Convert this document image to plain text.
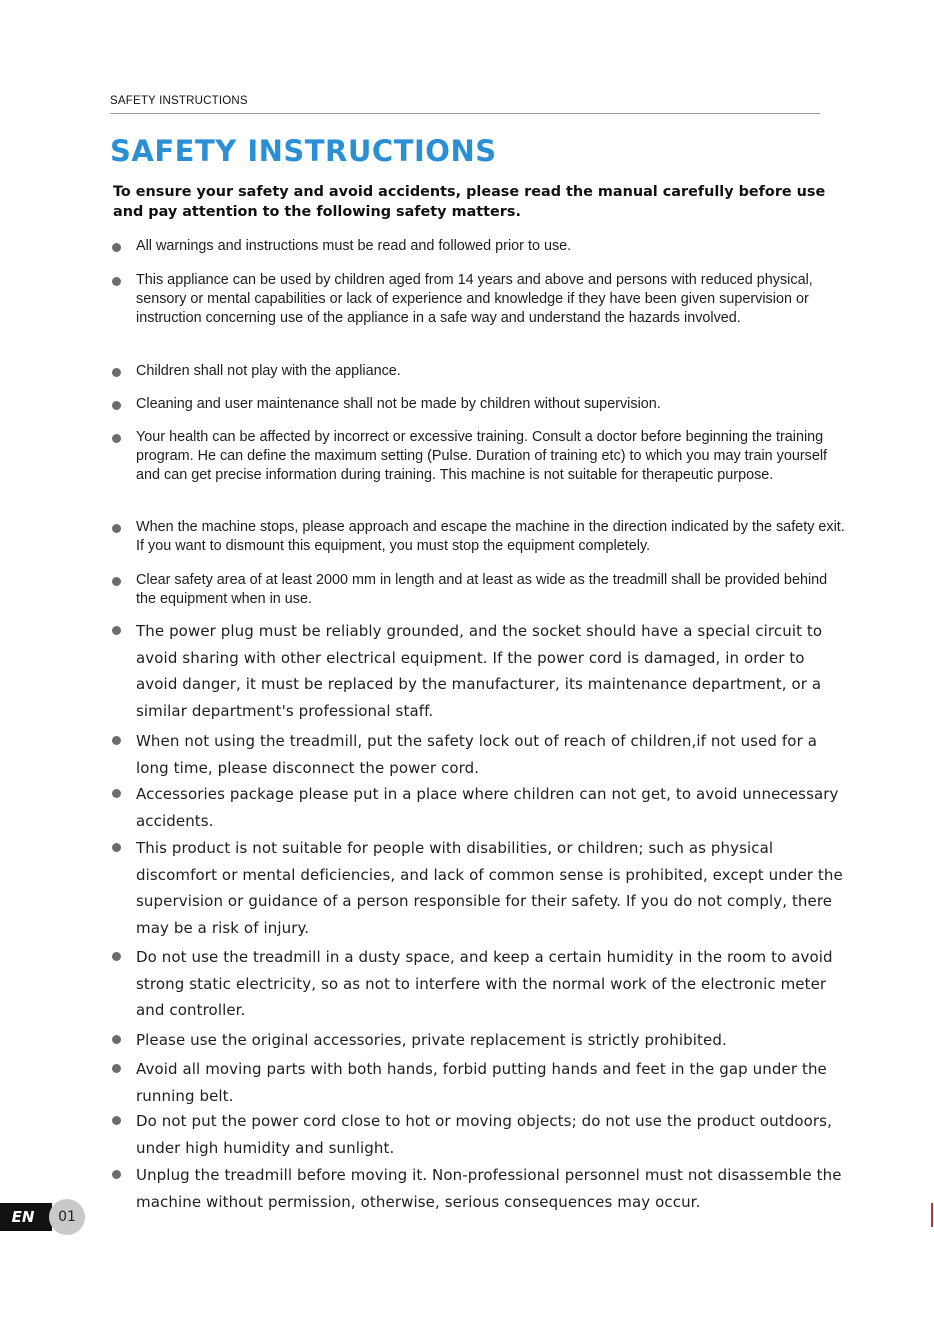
SAFETY INSTRUCTIONS
SAFETY INSTRUCTIONS

To ensure your safety and avoid accidents, please read the manual carefully before use and pay attention to the following safety matters.

All warnings and instructions must be read and followed prior to use.
This appliance can be used by children aged from 14 years and above and persons with reduced physical, sensory or mental capabilities or lack of experience and knowledge if they have been given supervision or instruction concerning use of the appliance in a safe way and understand the hazards involved.
Children shall not play with the appliance.
Cleaning and user maintenance shall not be made by children without supervision.
Your health can be affected by incorrect or excessive training. Consult a doctor before beginning the training program. He can define the maximum setting (Pulse. Duration of training etc) to which you may train yourself and can get precise information during training. This machine is not suitable for therapeutic purpose.
When the machine stops, please approach and escape the machine in the direction indicated by the safety exit. If you want to dismount this equipment, you must stop the equipment completely.
Clear safety area of at least 2000 mm in length and at least as wide as the treadmill shall be provided behind the equipment when in use.
The power plug must be reliably grounded, and the socket should have a special circuit to avoid sharing with other electrical equipment. If the power cord is damaged, in order to avoid danger, it must be replaced by the manufacturer, its maintenance department, or a similar department's professional staff.
When not using the treadmill, put the safety lock out of reach of children,if not used for a long time, please disconnect the power cord.
Accessories package please put in a place where children can not get, to avoid unnecessary accidents.
This product is not suitable for people with disabilities, or children; such as physical discomfort or mental deficiencies, and lack of common sense is prohibited, except under the supervision or guidance of a person responsible for their safety. If you do not comply, there may be a risk of injury.
Do not use the treadmill in a dusty space, and keep a certain humidity in the room to avoid strong static electricity, so as not to interfere with the normal work of the electronic meter and controller.
Please use the original accessories, private replacement is strictly prohibited.
Avoid all moving parts with both hands, forbid putting hands and feet in the gap under the running belt.
Do not put the power cord close to hot or moving objects; do not use the product outdoors, under high humidity and sunlight.
Unplug the treadmill before moving it. Non-professional personnel must not disassemble the machine without permission, otherwise, serious consequences may occur.
EN	01
